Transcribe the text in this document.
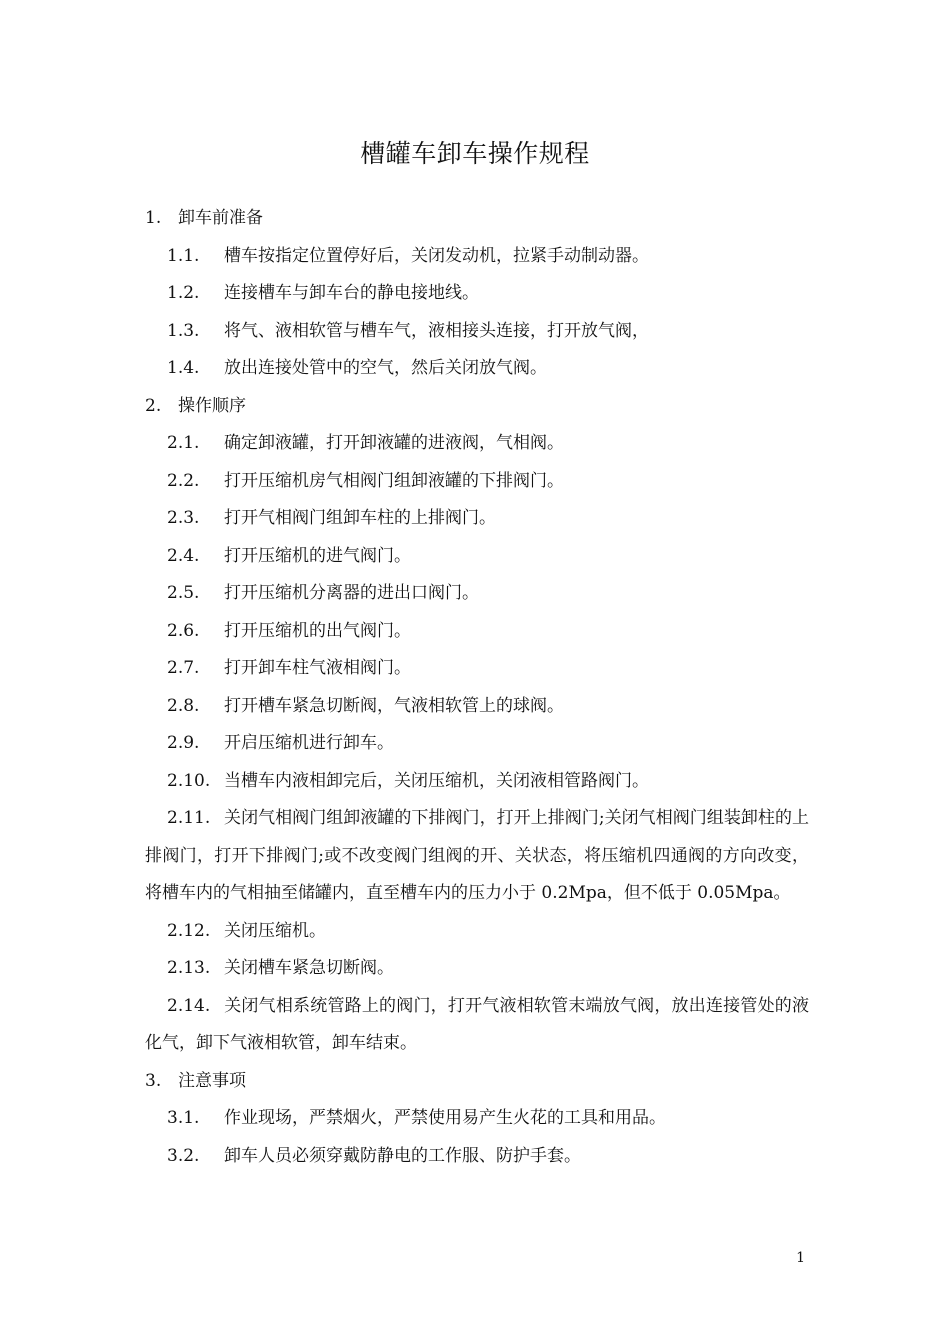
槽罐车卸车操作规程
1. 卸车前准备
1.1. 槽车按指定位置停好后，关闭发动机，拉紧手动制动器。
1.2. 连接槽车与卸车台的静电接地线。
1.3. 将气、液相软管与槽车气，液相接头连接，打开放气阀，
1.4. 放出连接处管中的空气，然后关闭放气阀。
2. 操作顺序
2.1. 确定卸液罐，打开卸液罐的进液阀，气相阀。
2.2. 打开压缩机房气相阀门组卸液罐的下排阀门。
2.3. 打开气相阀门组卸车柱的上排阀门。
2.4. 打开压缩机的进气阀门。
2.5. 打开压缩机分离器的进出口阀门。
2.6. 打开压缩机的出气阀门。
2.7. 打开卸车柱气液相阀门。
2.8. 打开槽车紧急切断阀，气液相软管上的球阀。
2.9. 开启压缩机进行卸车。
2.10. 当槽车内液相卸完后，关闭压缩机，关闭液相管路阀门。
2.11. 关闭气相阀门组卸液罐的下排阀门，打开上排阀门;关闭气相阀门组装卸柱的上排阀门，打开下排阀门;或不改变阀门组阀的开、关状态，将压缩机四通阀的方向改变，将槽车内的气相抽至储罐内，直至槽车内的压力小于 0.2Mpa，但不低于 0.05Mpa。
2.12. 关闭压缩机。
2.13. 关闭槽车紧急切断阀。
2.14. 关闭气相系统管路上的阀门，打开气液相软管末端放气阀，放出连接管处的液化气，卸下气液相软管，卸车结束。
3. 注意事项
3.1. 作业现场，严禁烟火，严禁使用易产生火花的工具和用品。
3.2. 卸车人员必须穿戴防静电的工作服、防护手套。
1
